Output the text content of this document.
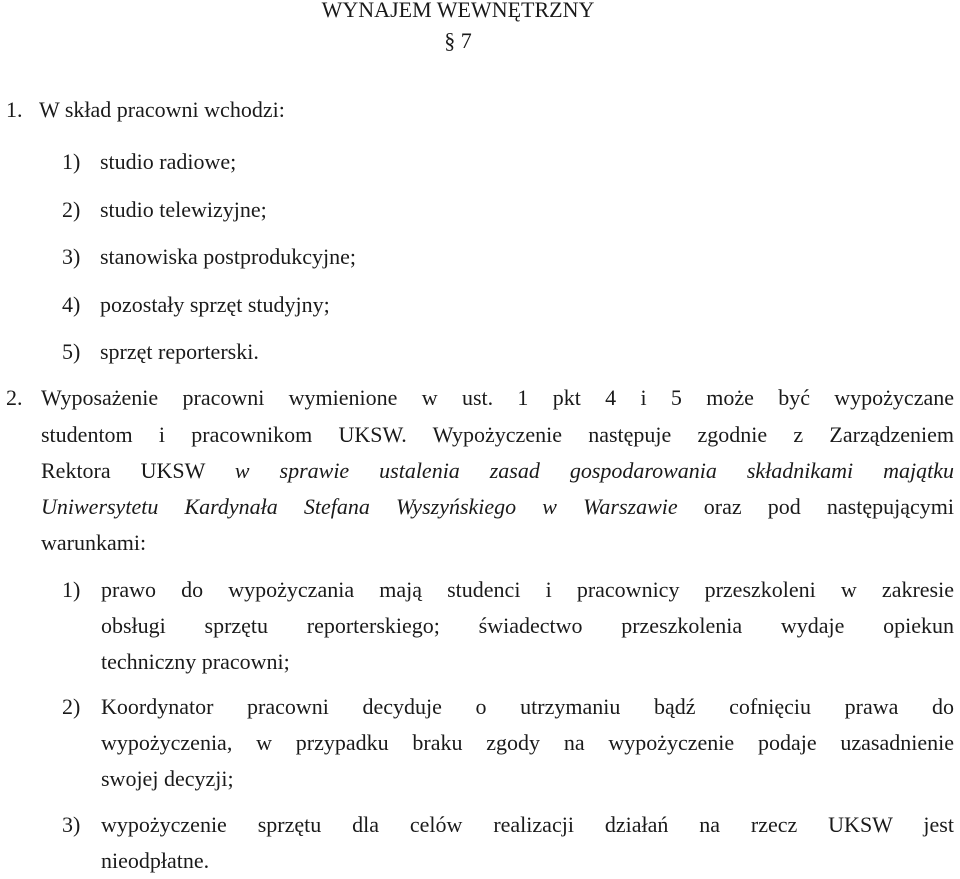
WYNAJEM WEWNĘTRZNY
§ 7
1. W skład pracowni wchodzi:
1) studio radiowe;
2) studio telewizyjne;
3) stanowiska postprodukcyjne;
4) pozostały sprzęt studyjny;
5) sprzęt reporterski.
2. Wyposażenie pracowni wymienione w ust. 1 pkt 4 i 5 może być wypożyczane
studentom i pracownikom UKSW. Wypożyczenie następuje zgodnie z Zarządzeniem
Rektora UKSW w sprawie ustalenia zasad gospodarowania składnikami majątku
Uniwersytetu Kardynała Stefana Wyszyńskiego w Warszawie oraz pod następującymi
warunkami:
1) prawo do wypożyczania mają studenci i pracownicy przeszkoleni w zakresie
obsługi sprzętu reporterskiego; świadectwo przeszkolenia wydaje opiekun
techniczny pracowni;
2) Koordynator pracowni decyduje o utrzymaniu bądź cofnięciu prawa do
wypożyczenia, w przypadku braku zgody na wypożyczenie podaje uzasadnienie
swojej decyzji;
3) wypożyczenie sprzętu dla celów realizacji działań na rzecz UKSW jest
nieodpłatne.
